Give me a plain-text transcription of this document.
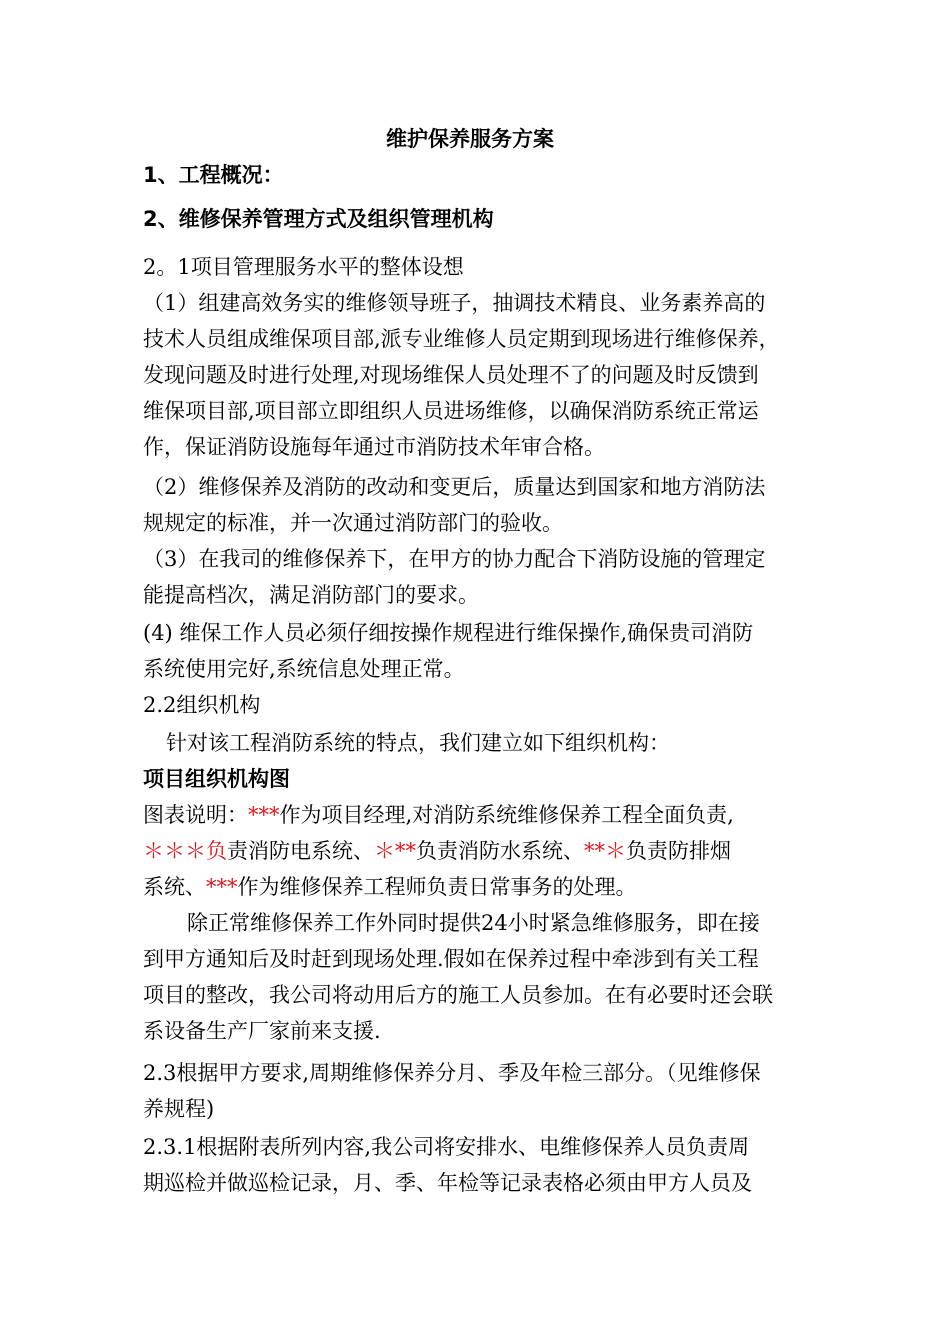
维护保养服务方案
1、工程概况：
2、维修保养管理方式及组织管理机构
2。1项目管理服务水平的整体设想
（1）组建高效务实的维修领导班子，抽调技术精良、业务素养高的
技术人员组成维保项目部,派专业维修人员定期到现场进行维修保养，
发现问题及时进行处理,对现场维保人员处理不了的问题及时反馈到
维保项目部,项目部立即组织人员进场维修，以确保消防系统正常运
作，保证消防设施每年通过市消防技术年审合格。
（2）维修保养及消防的改动和变更后，质量达到国家和地方消防法
规规定的标准，并一次通过消防部门的验收。
（3）在我司的维修保养下，在甲方的协力配合下消防设施的管理定
能提高档次，满足消防部门的要求。
(4) 维保工作人员必须仔细按操作规程进行维保操作,确保贵司消防
系统使用完好,系统信息处理正常。
2.2组织机构
针对该工程消防系统的特点，我们建立如下组织机构：
项目组织机构图
图表说明：***作为项目经理,对消防系统维修保养工程全面负责,
＊＊＊负责消防电系统、＊**负责消防水系统、**＊负责防排烟
系统、***作为维修保养工程师负责日常事务的处理。
除正常维修保养工作外同时提供24小时紧急维修服务，即在接
到甲方通知后及时赶到现场处理.假如在保养过程中牵涉到有关工程
项目的整改，我公司将动用后方的施工人员参加。在有必要时还会联
系设备生产厂家前来支援.
2.3根据甲方要求,周期维修保养分月、季及年检三部分。（见维修保
养规程)
2.3.1根据附表所列内容,我公司将安排水、电维修保养人员负责周
期巡检并做巡检记录，月、季、年检等记录表格必须由甲方人员及
